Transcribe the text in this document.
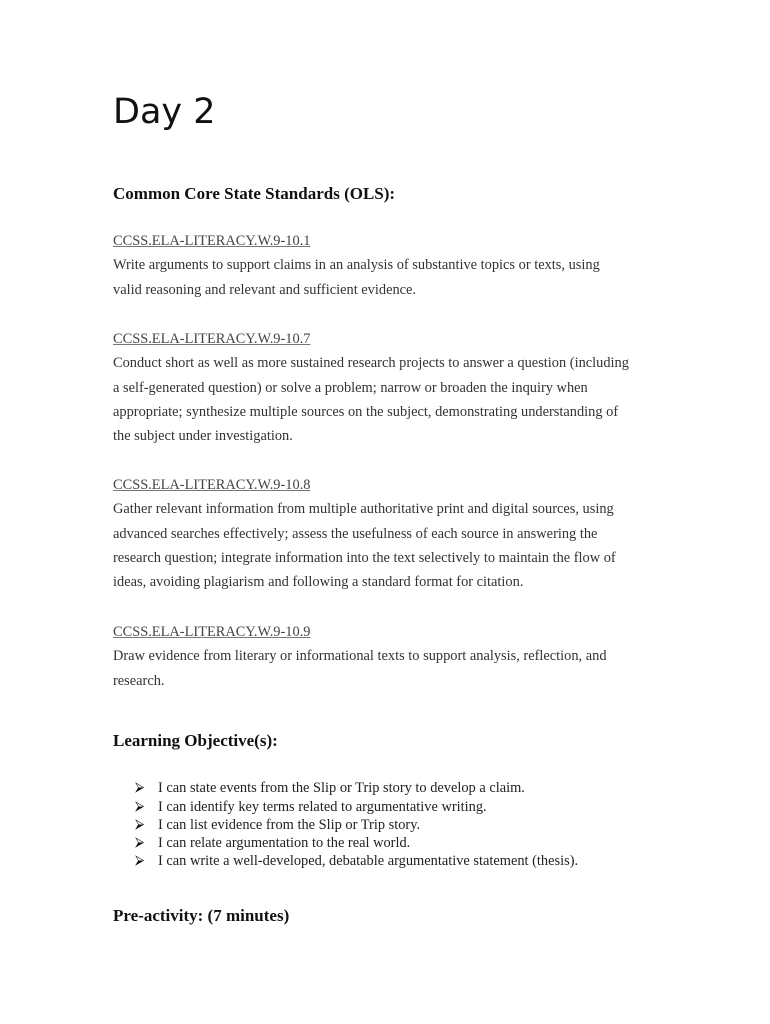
Day 2
Common Core State Standards (OLS):
CCSS.ELA-LITERACY.W.9-10.1

Write arguments to support claims in an analysis of substantive topics or texts, using

valid reasoning and relevant and sufficient evidence.

CCSS.ELA-LITERACY.W.9-10.7

Conduct short as well as more sustained research projects to answer a question (including

a self-generated question) or solve a problem; narrow or broaden the inquiry when

appropriate; synthesize multiple sources on the subject, demonstrating understanding of

the subject under investigation.

CCSS.ELA-LITERACY.W.9-10.8

Gather relevant information from multiple authoritative print and digital sources, using

advanced searches effectively; assess the usefulness of each source in answering the

research question; integrate information into the text selectively to maintain the flow of

ideas, avoiding plagiarism and following a standard format for citation.

CCSS.ELA-LITERACY.W.9-10.9

Draw evidence from literary or informational texts to support analysis, reflection, and

research.

Learning Objective(s):
⮚ I can state events from the Slip or Trip story to develop a claim.
⮚ I can identify key terms related to argumentative writing.
⮚ I can list evidence from the Slip or Trip story.
⮚ I can relate argumentation to the real world.
⮚ I can write a well-developed, debatable argumentative statement (thesis).
Pre-activity: (7 minutes)
